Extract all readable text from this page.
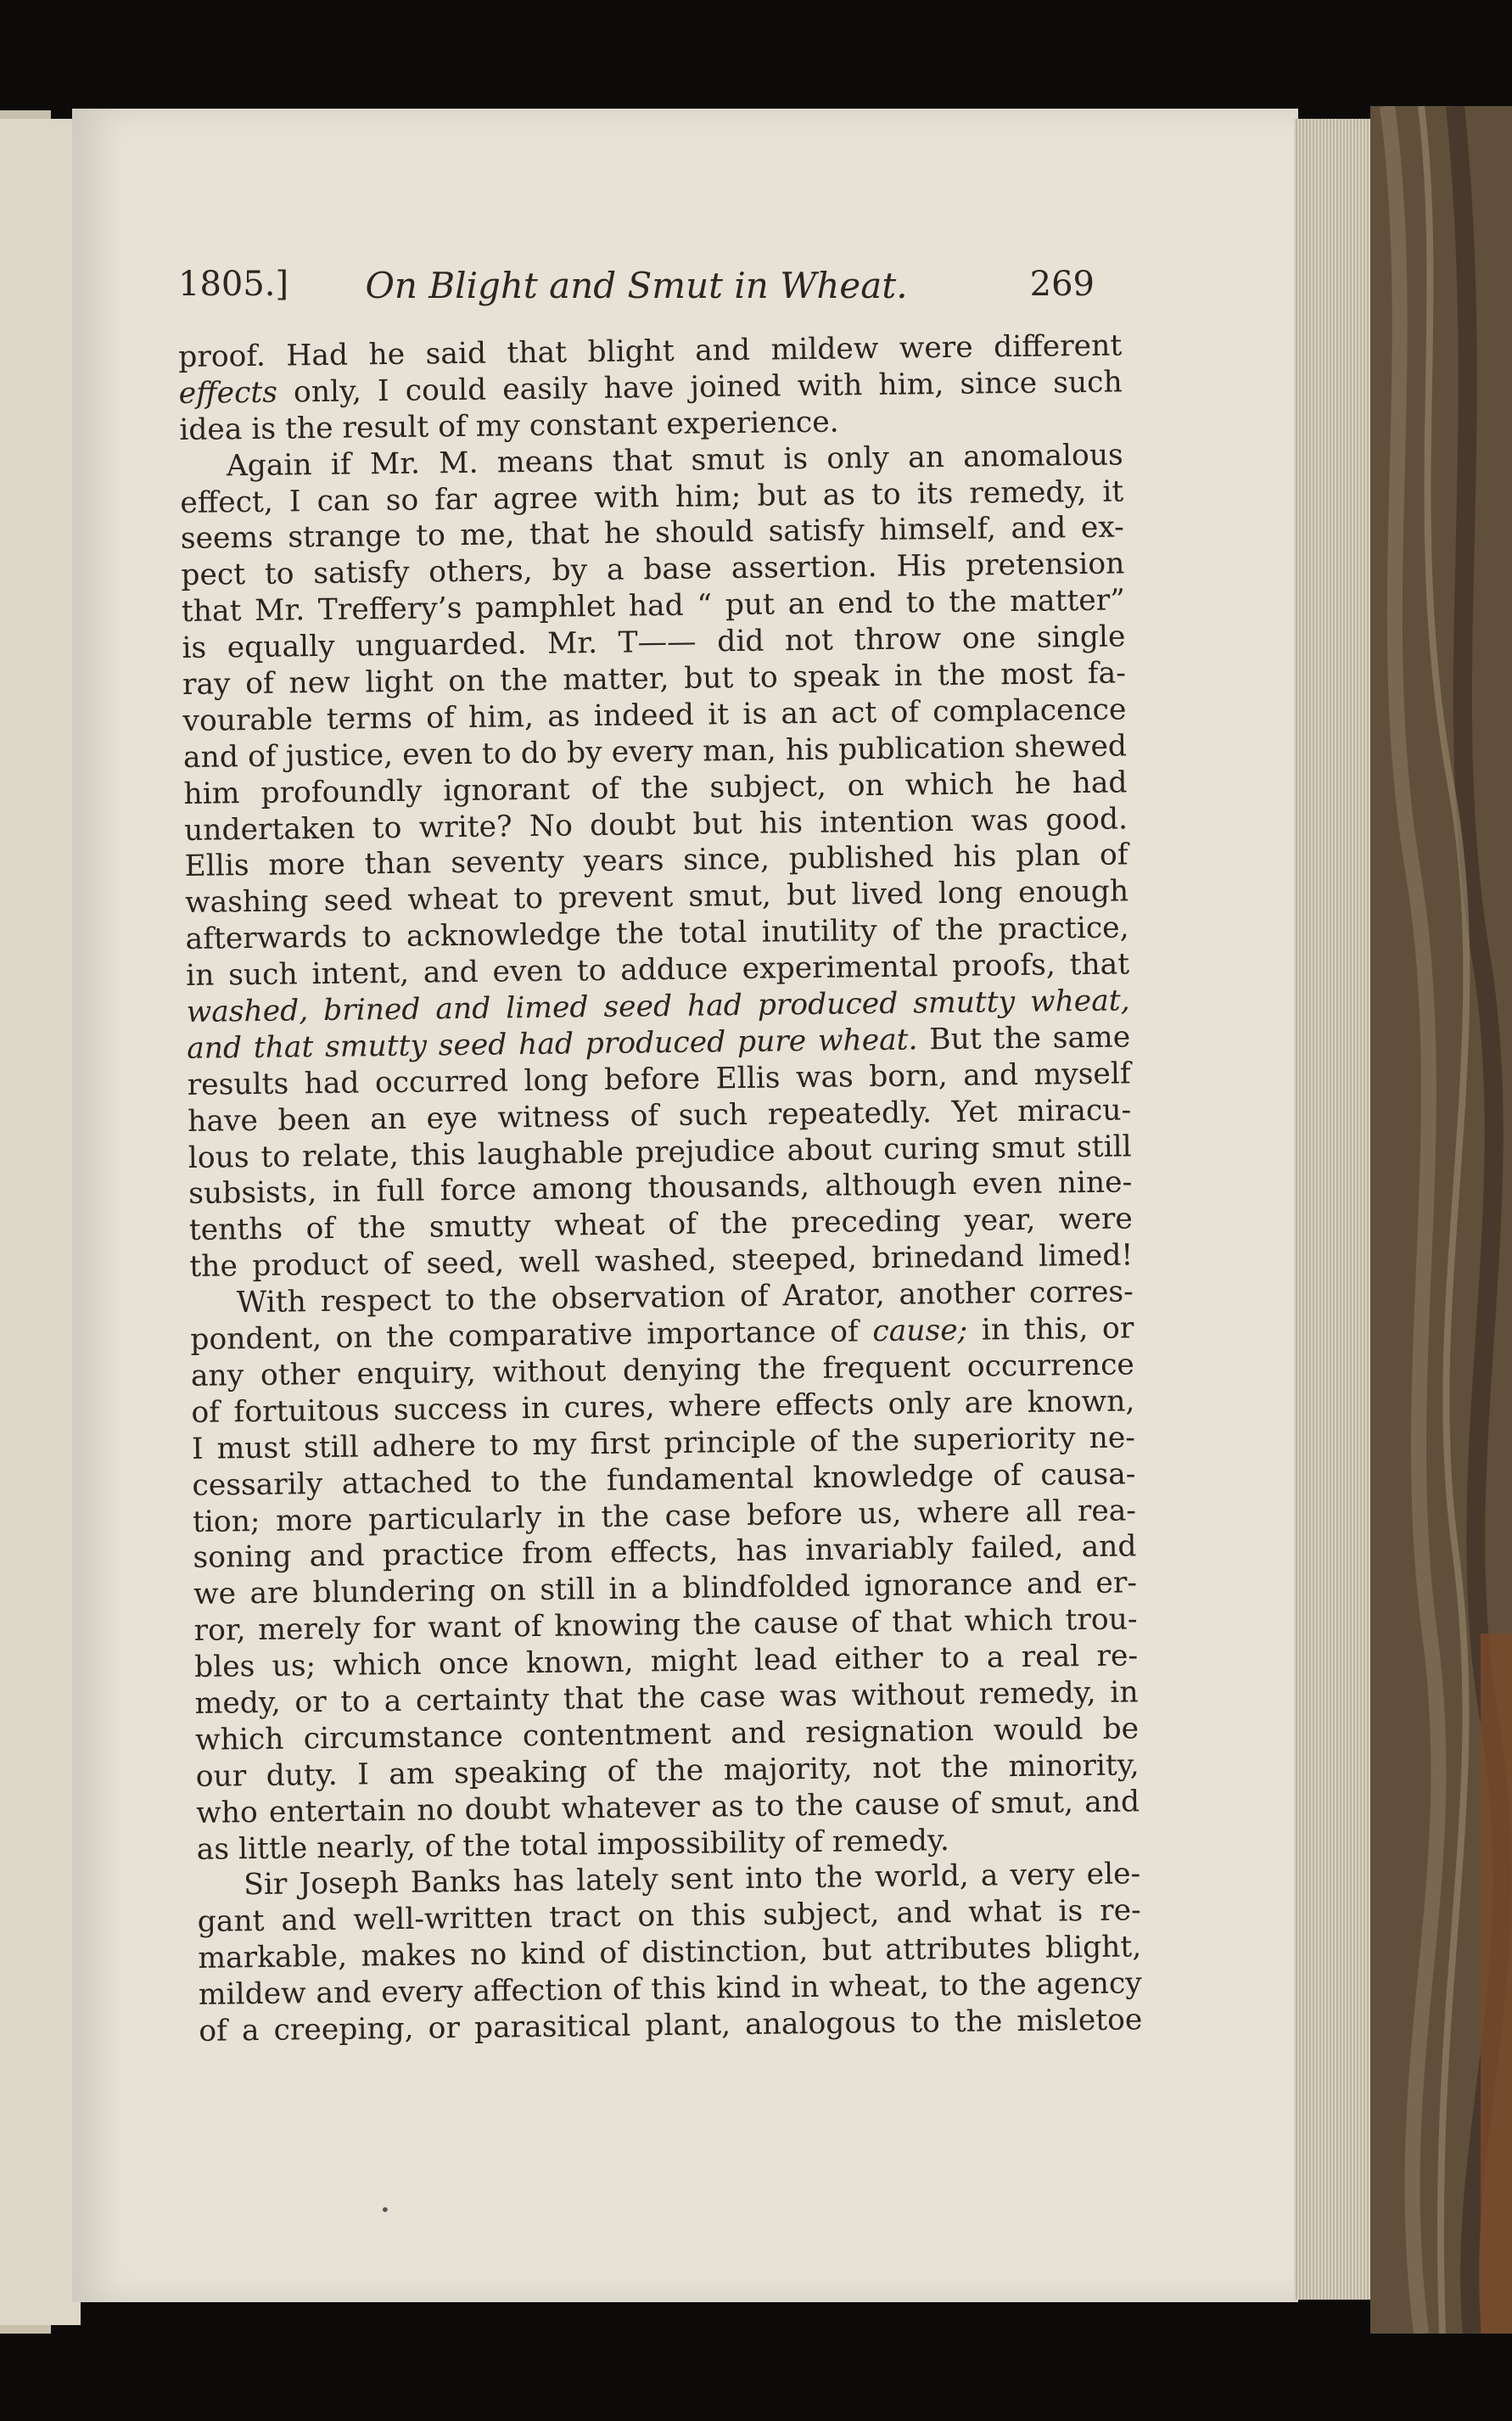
1805.]	On Blight and Smut in Wheat.	269
proof. Had he said that blight and mildew were different
effects only, I could easily have joined with him, since such
idea is the result of my constant experience.
Again if Mr. M. means that smut is only an anomalous
effect, I can so far agree with him; but as to its remedy, it
seems strange to me, that he should satisfy himself, and ex-
pect to satisfy others, by a base assertion. His pretension
that Mr. Treffery’s pamphlet had “ put an end to the matter”
is equally unguarded. Mr. T—— did not throw one single
ray of new light on the matter, but to speak in the most fa-
vourable terms of him, as indeed it is an act of complacence
and of justice, even to do by every man, his publication shewed
him profoundly ignorant of the subject, on which he had
undertaken to write? No doubt but his intention was good.
Ellis more than seventy years since, published his plan of
washing seed wheat to prevent smut, but lived long enough
afterwards to acknowledge the total inutility of the practice,
in such intent, and even to adduce experimental proofs, that
washed, brined and limed seed had produced smutty wheat,
and that smutty seed had produced pure wheat. But the same
results had occurred long before Ellis was born, and myself
have been an eye witness of such repeatedly. Yet miracu-
lous to relate, this laughable prejudice about curing smut still
subsists, in full force among thousands, although even nine-
tenths of the smutty wheat of the preceding year, were
the product of seed, well washed, steeped, brinedand limed!
With respect to the observation of Arator, another corres-
pondent, on the comparative importance of cause; in this, or
any other enquiry, without denying the frequent occurrence
of fortuitous success in cures, where effects only are known,
I must still adhere to my first principle of the superiority ne-
cessarily attached to the fundamental knowledge of causa-
tion; more particularly in the case before us, where all rea-
soning and practice from effects, has invariably failed, and
we are blundering on still in a blindfolded ignorance and er-
ror, merely for want of knowing the cause of that which trou-
bles us; which once known, might lead either to a real re-
medy, or to a certainty that the case was without remedy, in
which circumstance contentment and resignation would be
our duty. I am speaking of the majority, not the minority,
who entertain no doubt whatever as to the cause of smut, and
as little nearly, of the total impossibility of remedy.
Sir Joseph Banks has lately sent into the world, a very ele-
gant and well-written tract on this subject, and what is re-
markable, makes no kind of distinction, but attributes blight,
mildew and every affection of this kind in wheat, to the agency
of a creeping, or parasitical plant, analogous to the misletoe
•
